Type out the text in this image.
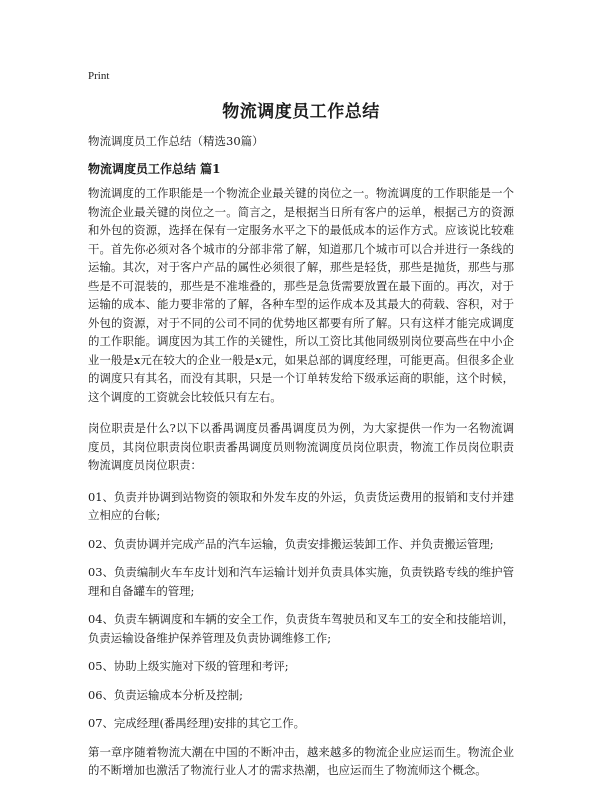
Print
物流调度员工作总结
物流调度员工作总结（精选30篇）
物流调度员工作总结 篇1

物流调度的工作职能是一个物流企业最关键的岗位之一。物流调度的工作职能是一个物流企业最关键的岗位之一。简言之，是根据当日所有客户的运单，根据己方的资源和外包的资源，选择在保有一定服务水平之下的最低成本的运作方式。应该说比较难干。首先你必须对各个城市的分部非常了解，知道那几个城市可以合并进行一条线的运输。其次，对于客户产品的属性必须很了解，那些是轻货，那些是抛货，那些与那些是不可混装的，那些是不准堆叠的，那些是急货需要放置在最下面的。再次，对于运输的成本、能力要非常的了解，各种车型的运作成本及其最大的荷载、容积，对于外包的资源，对于不同的公司不同的优势地区都要有所了解。只有这样才能完成调度的工作职能。调度因为其工作的关键性，所以工资比其他同级别岗位要高些在中小企业一般是x元在较大的企业一般是x元，如果总部的调度经理，可能更高。但很多企业的调度只有其名，而没有其职，只是一个订单转发给下级承运商的职能，这个时候，这个调度的工资就会比较低只有左右。

岗位职责是什么?以下以番禺调度员番禺调度员为例，为大家提供一作为一名物流调度员，其岗位职责岗位职责番禺调度员则物流调度员岗位职责，物流工作员岗位职责物流调度员岗位职责：

01、负责并协调到站物资的领取和外发车皮的外运，负责货运费用的报销和支付并建立相应的台帐;

02、负责协调并完成产品的汽车运输，负责安排搬运装卸工作、并负责搬运管理;

03、负责编制火车车皮计划和汽车运输计划并负责具体实施，负责铁路专线的维护管理和自备罐车的管理;

04、负责车辆调度和车辆的安全工作，负责货车驾驶员和叉车工的安全和技能培训，负责运输设备维护保养管理及负责协调维修工作;

05、协助上级实施对下级的管理和考评;

06、负责运输成本分析及控制;

07、完成经理(番禺经理)安排的其它工作。

第一章序随着物流大潮在中国的不断冲击，越来越多的物流企业应运而生。物流企业的不断增加也激活了物流行业人才的需求热潮，也应运而生了物流师这个概念。
